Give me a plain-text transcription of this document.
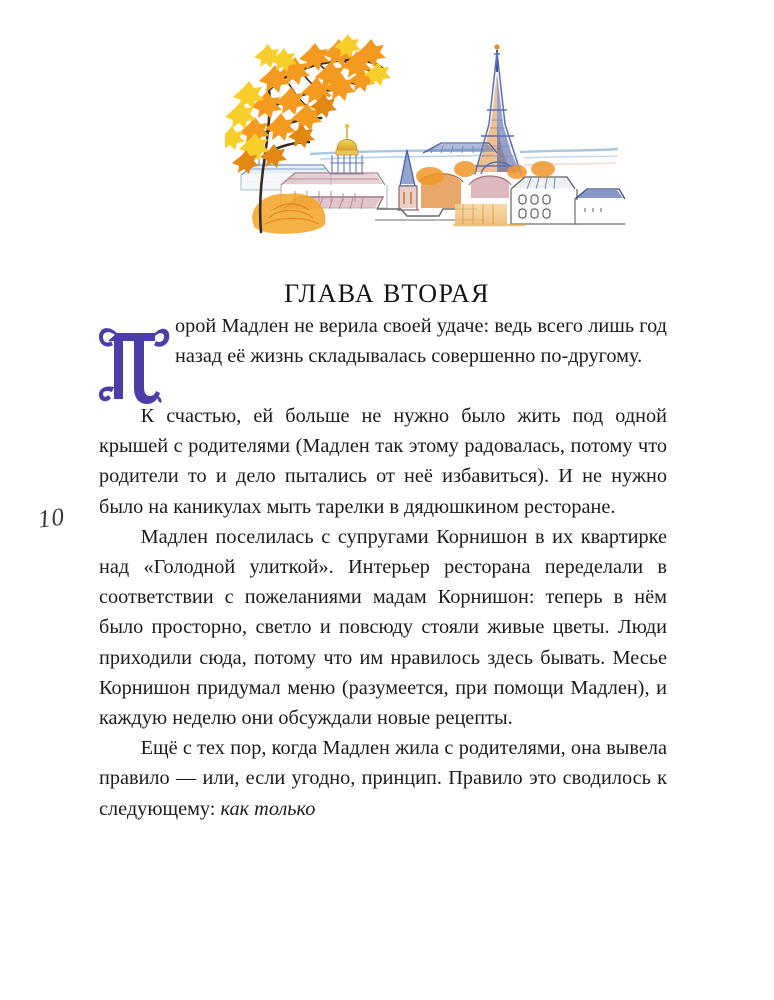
ГЛАВА ВТОРАЯ
10

орой Мадлен не верила своей удаче: ведь всего лишь год назад её жизнь складывалась совершенно по-другому.

К счастью, ей больше не нужно было жить под одной крышей с родителями (Мадлен так этому радовалась, потому что родители то и дело пытались от неё избавиться). И не нужно было на каникулах мыть тарелки в дядюшкином ресторане.

Мадлен поселилась с супругами Корнишон в их квартирке над «Голодной улиткой». Интерьер ресторана переделали в соответствии с пожеланиями мадам Корнишон: теперь в нём было просторно, светло и повсюду стояли живые цветы. Люди приходили сюда, потому что им нравилось здесь бывать. Месье Корнишон придумал меню (разумеется, при помощи Мадлен), и каждую неделю они обсуждали новые рецепты.

Ещё с тех пор, когда Мадлен жила с родителями, она вывела правило — или, если угодно, принцип. Правило это сводилось к следующему: как только
